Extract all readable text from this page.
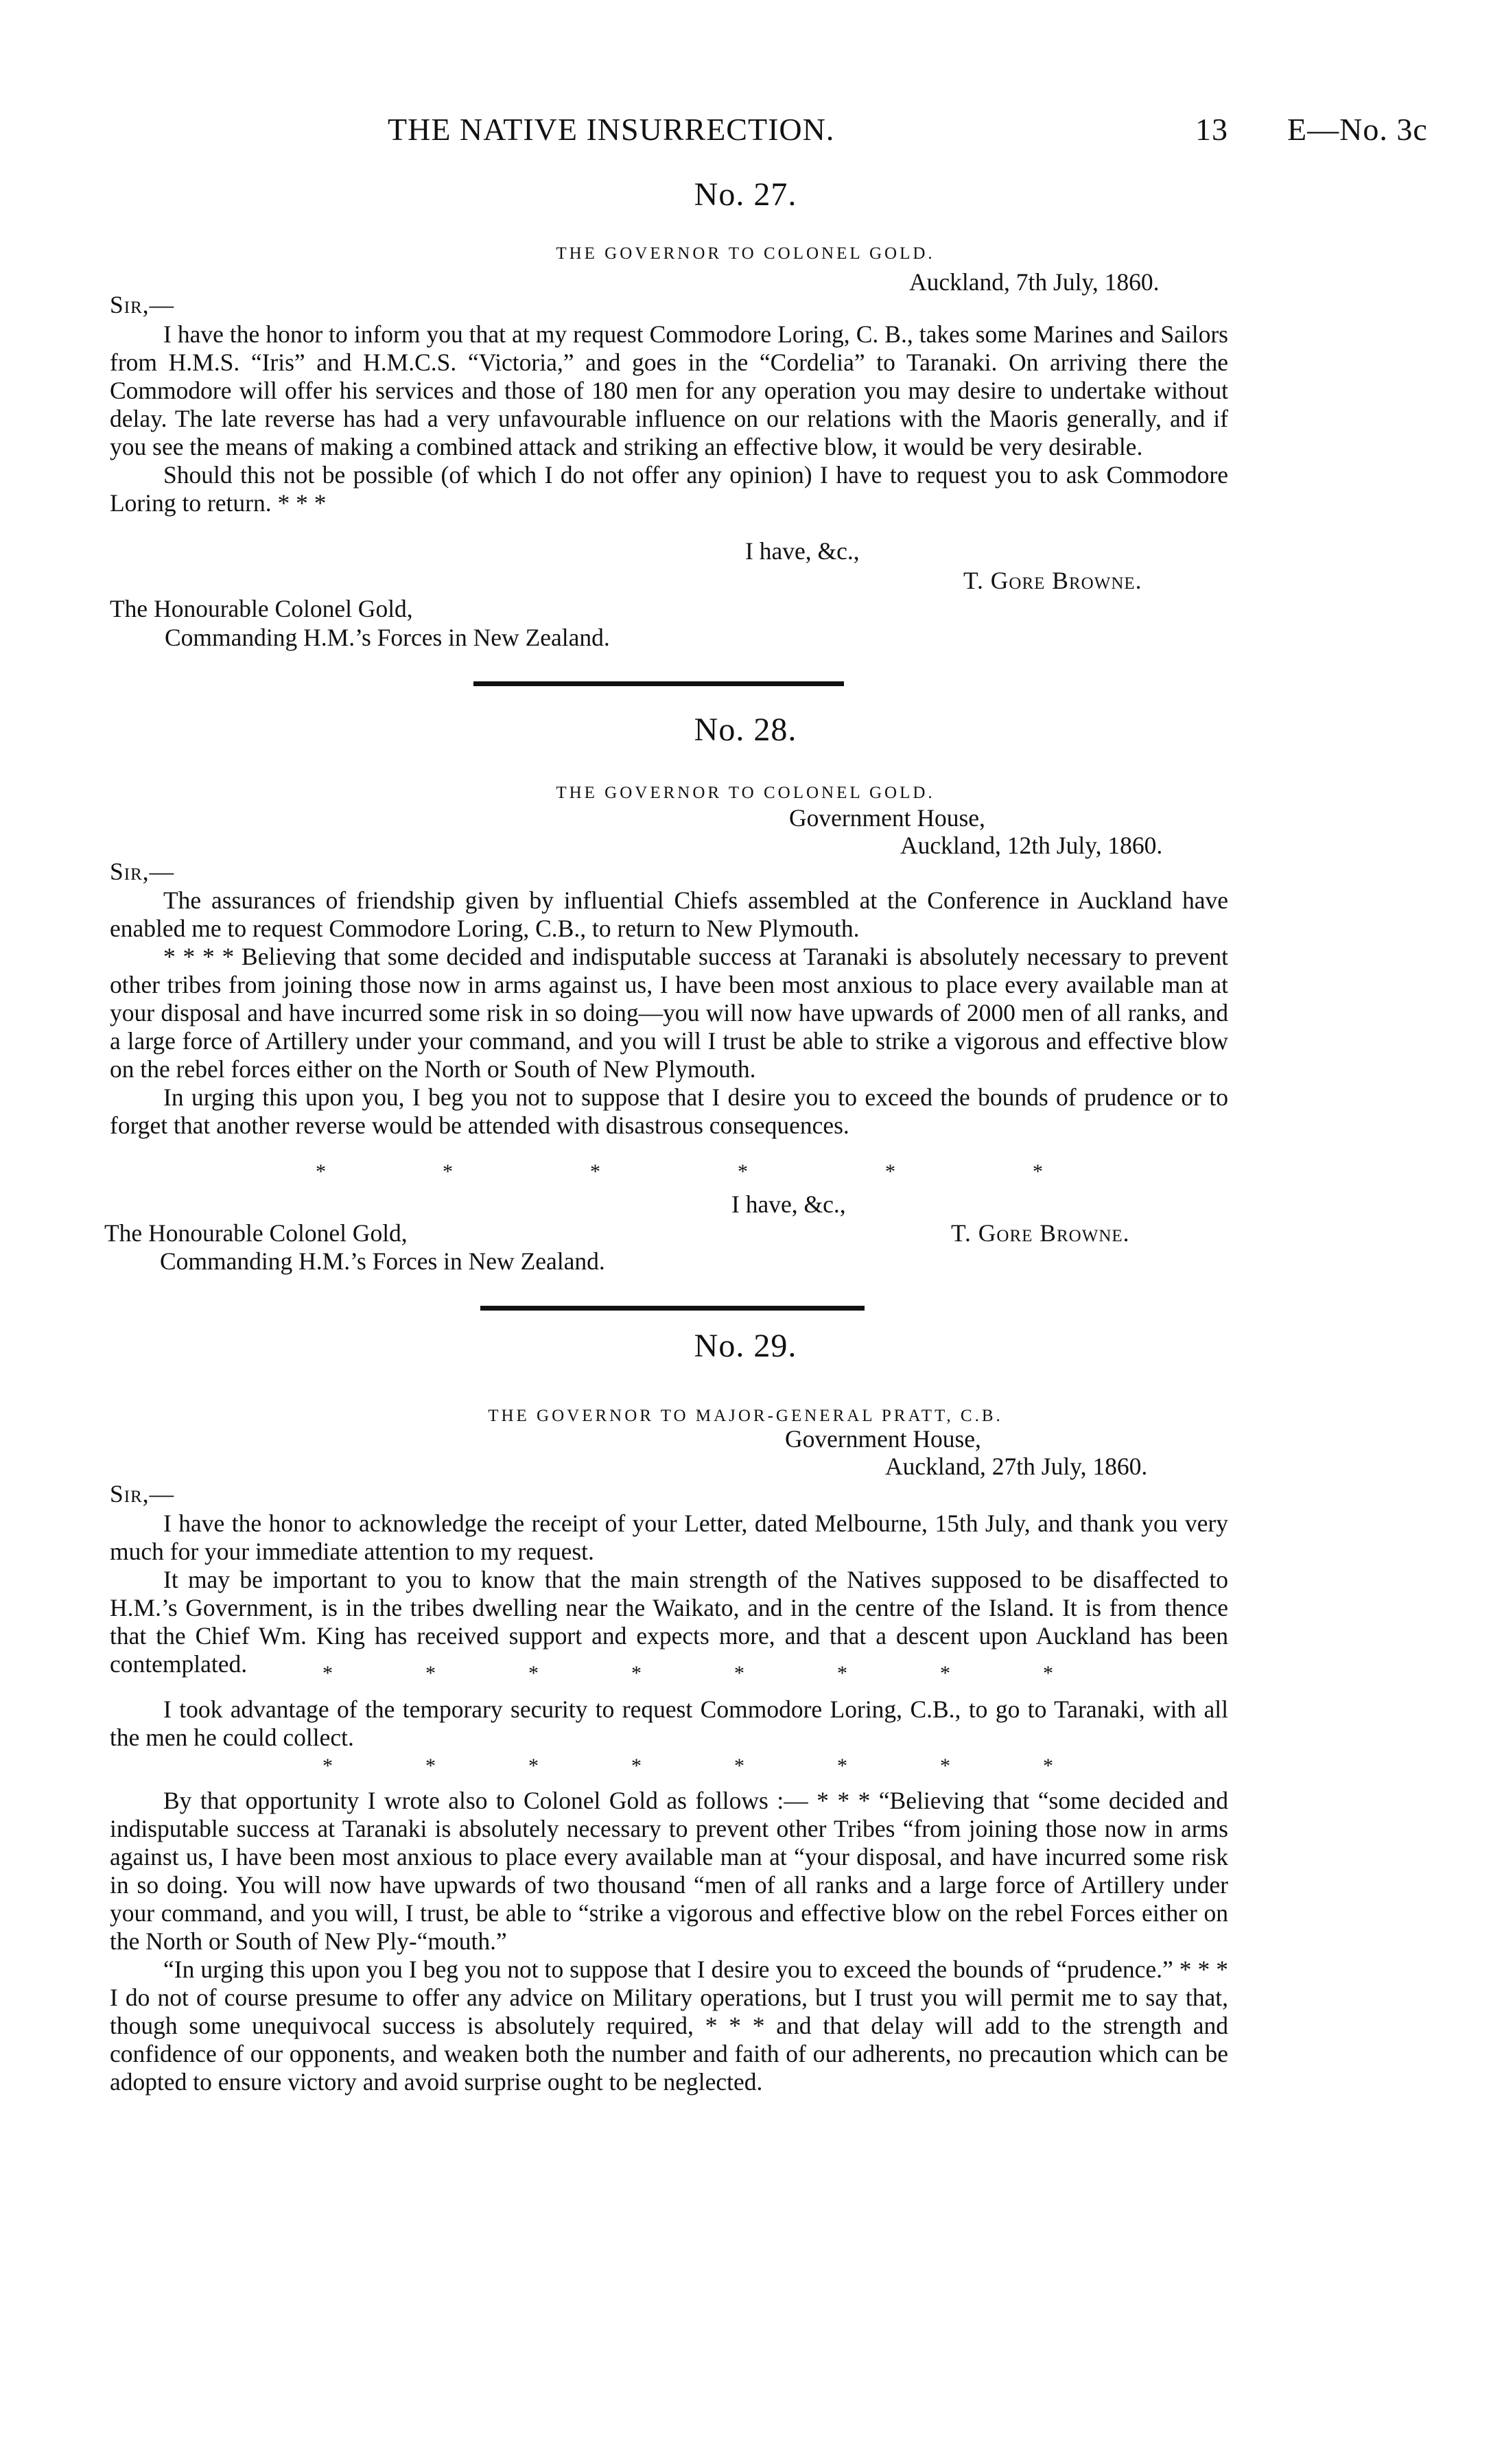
THE NATIVE INSURRECTION.	13 E—No. 3c
No. 27.
THE GOVERNOR TO COLONEL GOLD.
Auckland, 7th July, 1860.
Sir,—

I have the honor to inform you that at my request Commodore Loring, C. B., takes some Marines and Sailors from H.M.S. “Iris” and H.M.C.S. “Victoria,” and goes in the “Cordelia” to Taranaki. On arriving there the Commodore will offer his services and those of 180 men for any operation you may desire to undertake without delay. The late reverse has had a very unfavourable influence on our relations with the Maoris generally, and if you see the means of making a combined attack and striking an effective blow, it would be very desirable.

Should this not be possible (of which I do not offer any opinion) I have to request you to ask Commodore Loring to return. * * *

I have, &c.,
T. Gore Browne.
The Honourable Colonel Gold,
Commanding H.M.’s Forces in New Zealand.
No. 28.
THE GOVERNOR TO COLONEL GOLD.
Government House,
Auckland, 12th July, 1860.
Sir,—

The assurances of friendship given by influential Chiefs assembled at the Conference in Auckland have enabled me to request Commodore Loring, C.B., to return to New Plymouth.

* * * * Believing that some decided and indisputable success at Taranaki is absolutely necessary to prevent other tribes from joining those now in arms against us, I have been most anxious to place every available man at your disposal and have incurred some risk in so doing—you will now have upwards of 2000 men of all ranks, and a large force of Artillery under your command, and you will I trust be able to strike a vigorous and effective blow on the rebel forces either on the North or South of New Plymouth.

In urging this upon you, I beg you not to suppose that I desire you to exceed the bounds of prudence or to forget that another reverse would be attended with disastrous consequences.

*	*	*	*	*	*
I have, &c.,
T. Gore Browne.
The Honourable Colonel Gold,
Commanding H.M.’s Forces in New Zealand.
No. 29.
THE GOVERNOR TO MAJOR-GENERAL PRATT, C.B.
Government House,
Auckland, 27th July, 1860.
Sir,—

I have the honor to acknowledge the receipt of your Letter, dated Melbourne, 15th July, and thank you very much for your immediate attention to my request.

It may be important to you to know that the main strength of the Natives supposed to be disaffected to H.M.’s Government, is in the tribes dwelling near the Waikato, and in the centre of the Island. It is from thence that the Chief Wm. King has received support and expects more, and that a descent upon Auckland has been contemplated.	*	*	*	*	*	*	*	*

I took advantage of the temporary security to request Commodore Loring, C.B., to go to Taranaki, with all the men he could collect.

*	*	*	*	*	*	*	*

By that opportunity I wrote also to Colonel Gold as follows :— * * * “Believing that “some decided and indisputable success at Taranaki is absolutely necessary to prevent other Tribes “from joining those now in arms against us, I have been most anxious to place every available man at “your disposal, and have incurred some risk in so doing. You will now have upwards of two thousand “men of all ranks and a large force of Artillery under your command, and you will, I trust, be able to “strike a vigorous and effective blow on the rebel Forces either on the North or South of New Ply-“mouth.”

“In urging this upon you I beg you not to suppose that I desire you to exceed the bounds of “prudence.” * * * I do not of course presume to offer any advice on Military operations, but I trust you will permit me to say that, though some unequivocal success is absolutely required, * * * and that delay will add to the strength and confidence of our opponents, and weaken both the number and faith of our adherents, no precaution which can be adopted to ensure victory and avoid surprise ought to be neglected.
